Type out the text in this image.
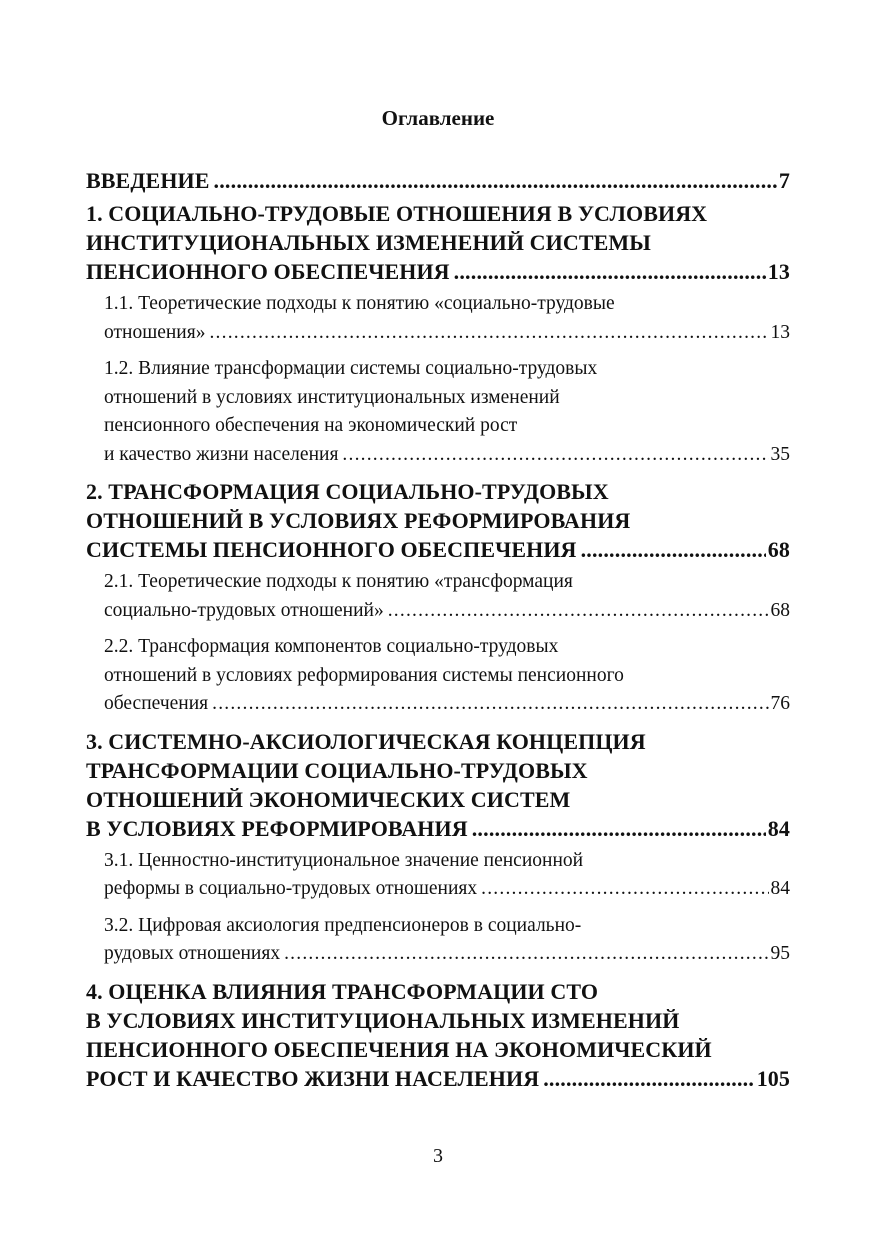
Оглавление
ВВЕДЕНИЕ .....	7
1. СОЦИАЛЬНО-ТРУДОВЫЕ ОТНОШЕНИЯ В УСЛОВИЯХ
ИНСТИТУЦИОНАЛЬНЫХ ИЗМЕНЕНИЙ СИСТЕМЫ
ПЕНСИОННОГО ОБЕСПЕЧЕНИЯ .....	13
1.1. Теоретические подходы к понятию «социально-трудовые
отношения» .....	13
1.2. Влияние трансформации системы социально-трудовых
отношений в условиях институциональных изменений
пенсионного обеспечения на экономический рост
и качество жизни населения .....	35
2. ТРАНСФОРМАЦИЯ СОЦИАЛЬНО-ТРУДОВЫХ
ОТНОШЕНИЙ В УСЛОВИЯХ РЕФОРМИРОВАНИЯ
СИСТЕМЫ ПЕНСИОННОГО ОБЕСПЕЧЕНИЯ .....	68
2.1. Теоретические подходы к понятию «трансформация
социально-трудовых отношений» .....	68
2.2. Трансформация компонентов социально-трудовых
отношений в условиях реформирования системы пенсионного
обеспечения .....	76
3. СИСТЕМНО-АКСИОЛОГИЧЕСКАЯ КОНЦЕПЦИЯ
ТРАНСФОРМАЦИИ СОЦИАЛЬНО-ТРУДОВЫХ
ОТНОШЕНИЙ ЭКОНОМИЧЕСКИХ СИСТЕМ
В УСЛОВИЯХ РЕФОРМИРОВАНИЯ .....	84
3.1. Ценностно-институциональное значение пенсионной
реформы в социально-трудовых отношениях .....	84
3.2. Цифровая аксиология предпенсионеров в социально-
рудовых отношениях .....	95
4. ОЦЕНКА ВЛИЯНИЯ ТРАНСФОРМАЦИИ СТО
В УСЛОВИЯХ ИНСТИТУЦИОНАЛЬНЫХ ИЗМЕНЕНИЙ
ПЕНСИОННОГО ОБЕСПЕЧЕНИЯ НА ЭКОНОМИЧЕСКИЙ
РОСТ И КАЧЕСТВО ЖИЗНИ НАСЕЛЕНИЯ .....	105
3
